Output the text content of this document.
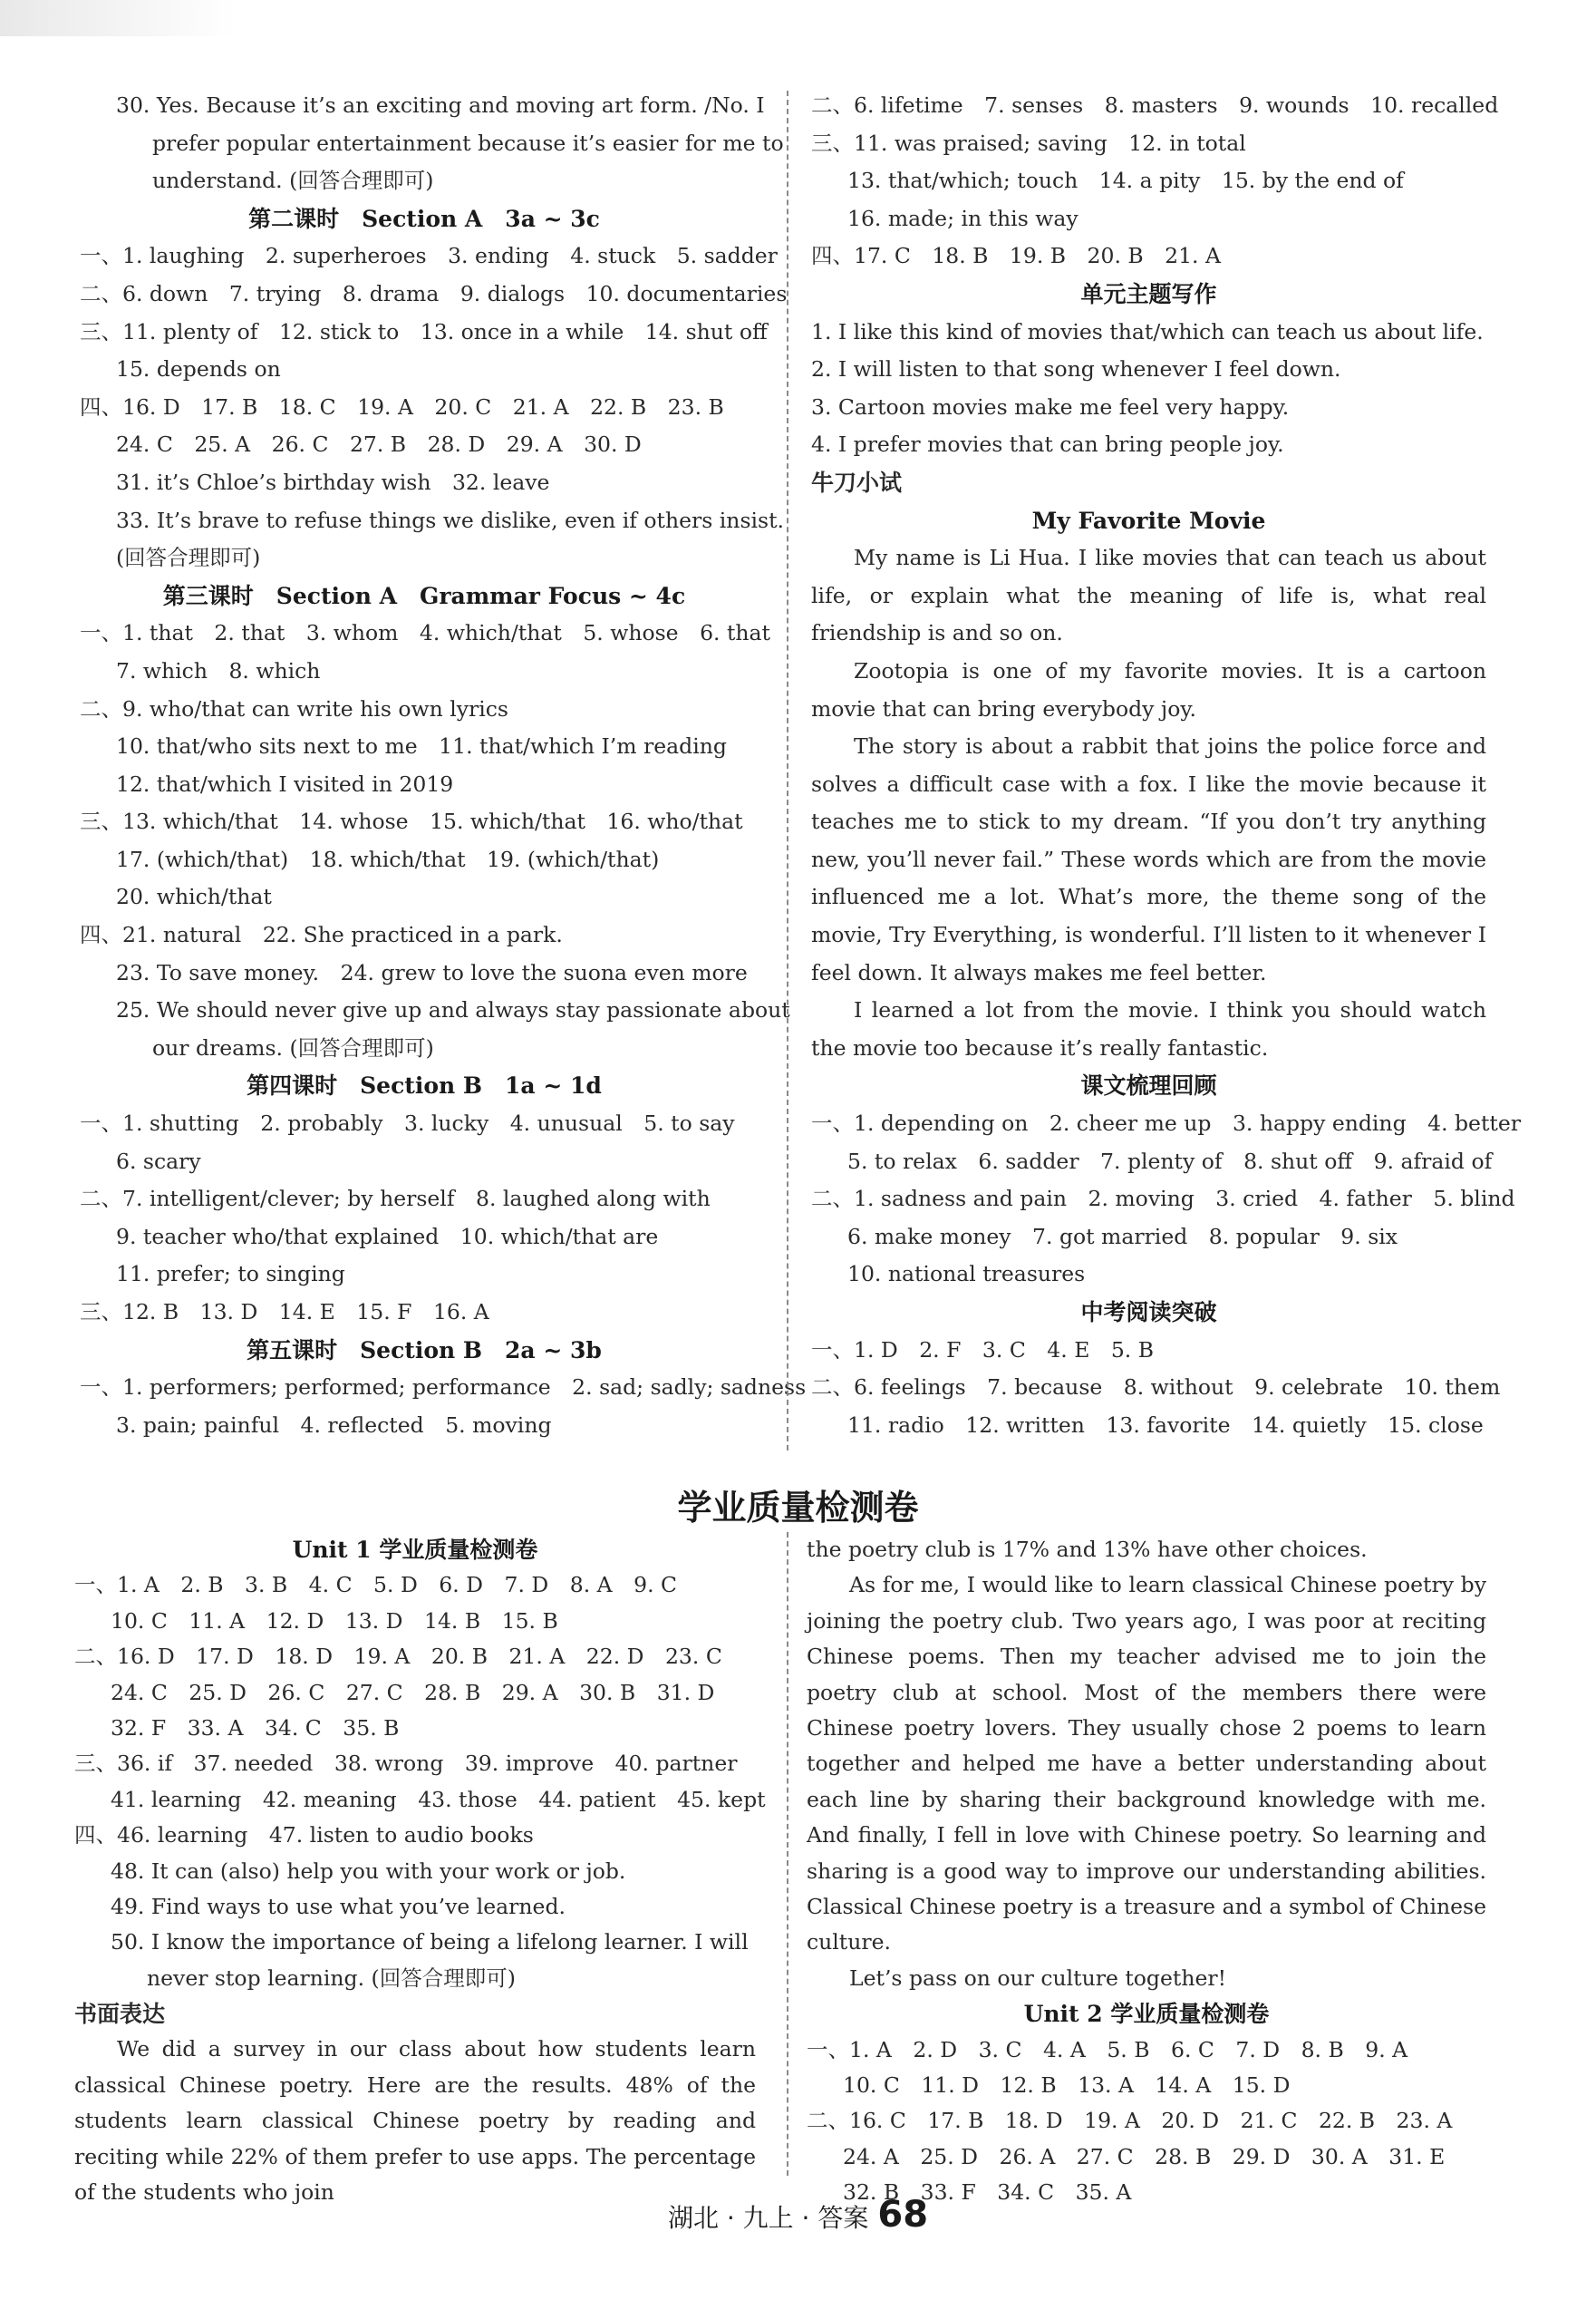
30. Yes. Because it’s an exciting and moving art form. /No. I
prefer popular entertainment because it’s easier for me to
understand. (回答合理即可)
第二课时　Section A　3a ~ 3c
一、1. laughing　2. superheroes　3. ending　4. stuck　5. sadder
二、6. down　7. trying　8. drama　9. dialogs　10. documentaries
三、11. plenty of　12. stick to　13. once in a while　14. shut off
15. depends on
四、16. D　17. B　18. C　19. A　20. C　21. A　22. B　23. B
24. C　25. A　26. C　27. B　28. D　29. A　30. D
31. it’s Chloe’s birthday wish　32. leave
33. It’s brave to refuse things we dislike, even if others insist.
(回答合理即可)
第三课时　Section A　Grammar Focus ~ 4c
一、1. that　2. that　3. whom　4. which/that　5. whose　6. that
7. which　8. which
二、9. who/that can write his own lyrics
10. that/who sits next to me　11. that/which I’m reading
12. that/which I visited in 2019
三、13. which/that　14. whose　15. which/that　16. who/that
17. (which/that)　18. which/that　19. (which/that)
20. which/that
四、21. natural　22. She practiced in a park.
23. To save money.　24. grew to love the suona even more
25. We should never give up and always stay passionate about
our dreams. (回答合理即可)
第四课时　Section B　1a ~ 1d
一、1. shutting　2. probably　3. lucky　4. unusual　5. to say
6. scary
二、7. intelligent/clever; by herself　8. laughed along with
9. teacher who/that explained　10. which/that are
11. prefer; to singing
三、12. B　13. D　14. E　15. F　16. A
第五课时　Section B　2a ~ 3b
一、1. performers; performed; performance　2. sad; sadly; sadness
3. pain; painful　4. reflected　5. moving
二、6. lifetime　7. senses　8. masters　9. wounds　10. recalled
三、11. was praised; saving　12. in total
13. that/which; touch　14. a pity　15. by the end of
16. made; in this way
四、17. C　18. B　19. B　20. B　21. A
单元主题写作
1. I like this kind of movies that/which can teach us about life.
2. I will listen to that song whenever I feel down.
3. Cartoon movies make me feel very happy.
4. I prefer movies that can bring people joy.
牛刀小试
My Favorite Movie
My name is Li Hua. I like movies that can teach us about life, or explain what the meaning of life is, what real friendship is and so on.
Zootopia is one of my favorite movies. It is a cartoon movie that can bring everybody joy.
The story is about a rabbit that joins the police force and solves a difficult case with a fox. I like the movie because it teaches me to stick to my dream. “If you don’t try anything new, you’ll never fail.” These words which are from the movie influenced me a lot. What’s more, the theme song of the movie, Try Everything, is wonderful. I’ll listen to it whenever I feel down. It always makes me feel better.
I learned a lot from the movie. I think you should watch the movie too because it’s really fantastic.
课文梳理回顾
一、1. depending on　2. cheer me up　3. happy ending　4. better
5. to relax　6. sadder　7. plenty of　8. shut off　9. afraid of
二、1. sadness and pain　2. moving　3. cried　4. father　5. blind
6. make money　7. got married　8. popular　9. six
10. national treasures
中考阅读突破
一、1. D　2. F　3. C　4. E　5. B
二、6. feelings　7. because　8. without　9. celebrate　10. them
11. radio　12. written　13. favorite　14. quietly　15. close
学业质量检测卷
Unit 1 学业质量检测卷
一、1. A　2. B　3. B　4. C　5. D　6. D　7. D　8. A　9. C
10. C　11. A　12. D　13. D　14. B　15. B
二、16. D　17. D　18. D　19. A　20. B　21. A　22. D　23. C
24. C　25. D　26. C　27. C　28. B　29. A　30. B　31. D
32. F　33. A　34. C　35. B
三、36. if　37. needed　38. wrong　39. improve　40. partner
41. learning　42. meaning　43. those　44. patient　45. kept
四、46. learning　47. listen to audio books
48. It can (also) help you with your work or job.
49. Find ways to use what you’ve learned.
50. I know the importance of being a lifelong learner. I will
never stop learning. (回答合理即可)
书面表达
We did a survey in our class about how students learn classical Chinese poetry. Here are the results. 48% of the students learn classical Chinese poetry by reading and reciting while 22% of them prefer to use apps. The percentage of the students who join
the poetry club is 17% and 13% have other choices.
As for me, I would like to learn classical Chinese poetry by joining the poetry club. Two years ago, I was poor at reciting Chinese poems. Then my teacher advised me to join the poetry club at school. Most of the members there were Chinese poetry lovers. They usually chose 2 poems to learn together and helped me have a better understanding about each line by sharing their background knowledge with me. And finally, I fell in love with Chinese poetry. So learning and sharing is a good way to improve our understanding abilities. Classical Chinese poetry is a treasure and a symbol of Chinese culture.
Let’s pass on our culture together!
Unit 2 学业质量检测卷
一、1. A　2. D　3. C　4. A　5. B　6. C　7. D　8. B　9. A
10. C　11. D　12. B　13. A　14. A　15. D
二、16. C　17. B　18. D　19. A　20. D　21. C　22. B　23. A
24. A　25. D　26. A　27. C　28. B　29. D　30. A　31. E
32. B　33. F　34. C　35. A
湖北 · 九上 · 答案 68
